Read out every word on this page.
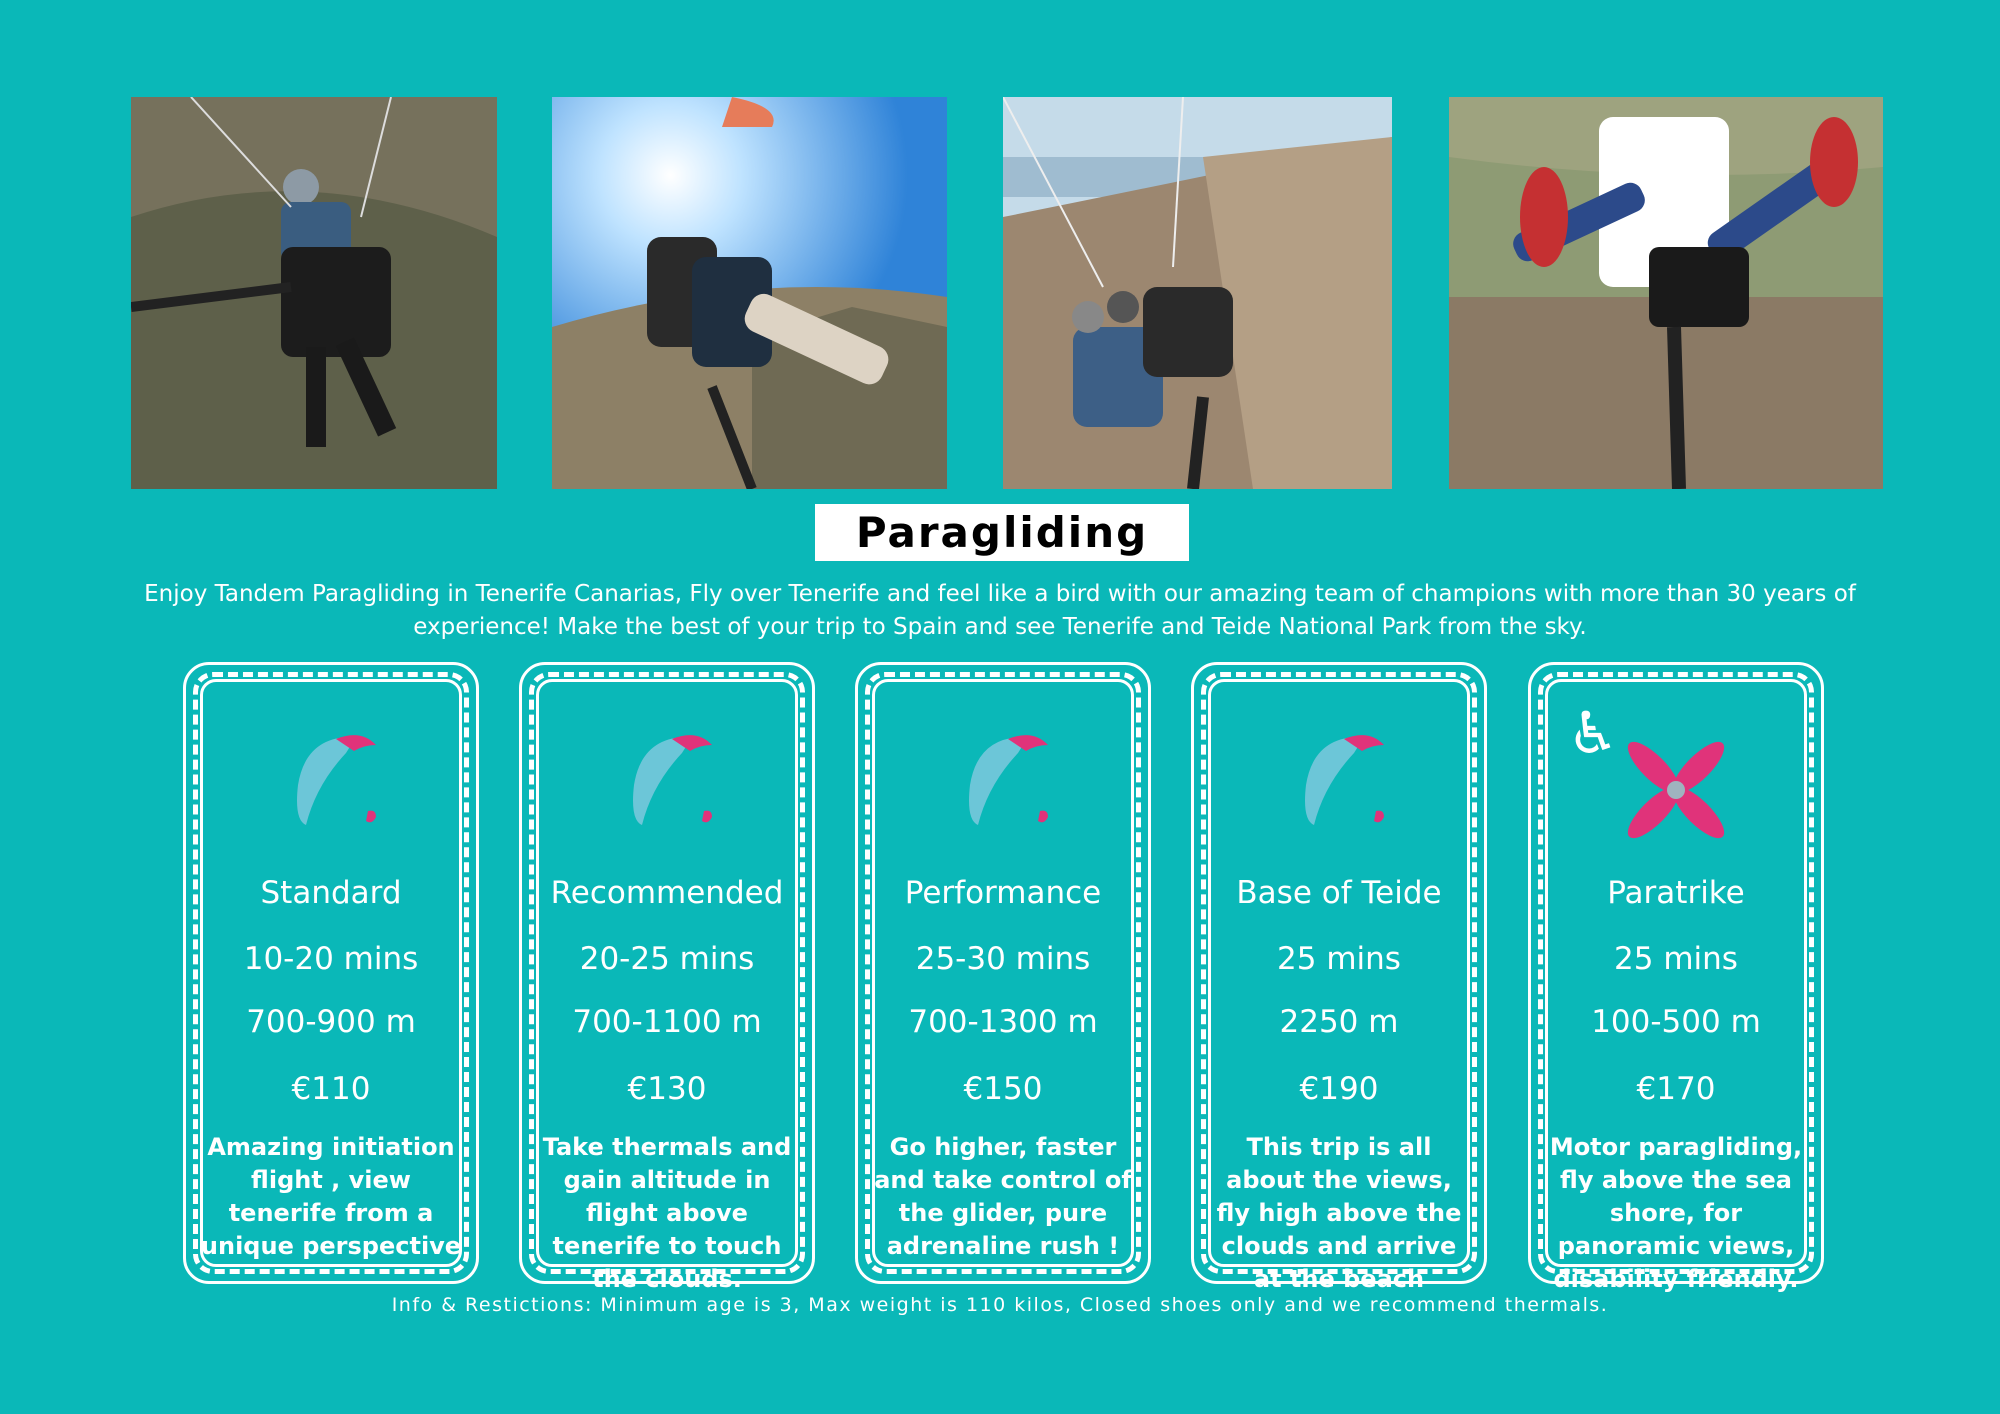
Paragliding
Enjoy Tandem Paragliding in Tenerife Canarias, Fly over Tenerife and feel like a bird with our amazing team of champions with more than 30 years of experience! Make the best of your trip to Spain and see Tenerife and Teide National Park from the sky.
Standard
10-20 mins
700-900 m
€110
Amazing initiation flight , view tenerife from a unique perspective
Recommended
20-25 mins
700-1100 m
€130
Take thermals and gain altitude in flight above tenerife to touch the clouds.
Performance
25-30 mins
700-1300 m
€150
Go higher, faster and take control of the glider, pure adrenaline rush !
Base of Teide
25 mins
2250 m
€190
This trip is all about the views, fly high above the clouds and arrive at the beach
♿
Paratrike
25 mins
100-500 m
€170
Motor paragliding, fly above the sea shore, for panoramic views, disability friendly.
Info & Restictions: Minimum age is 3, Max weight is 110 kilos, Closed shoes only and we recommend thermals.
